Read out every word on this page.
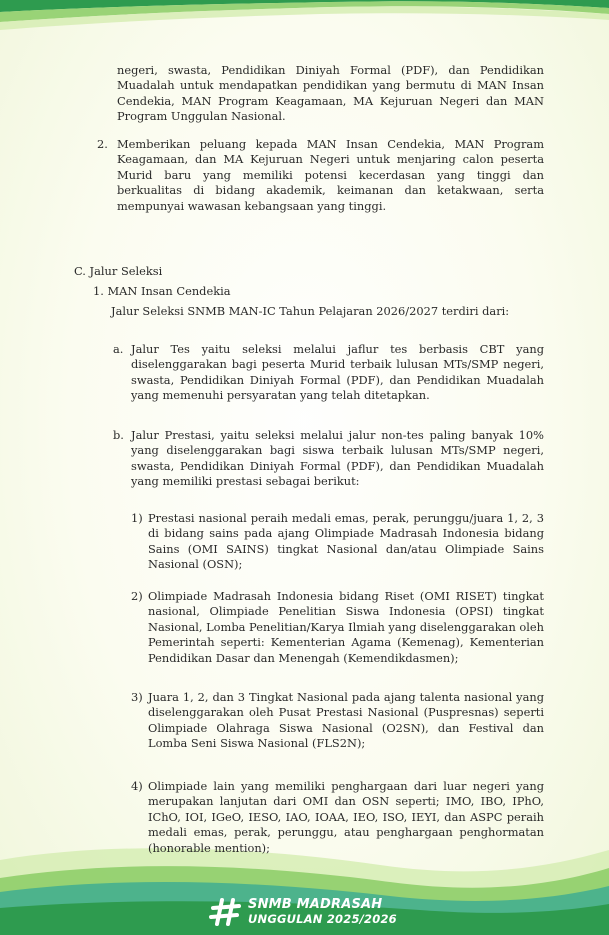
negeri, swasta, Pendidikan Diniyah Formal (PDF), dan Pendidikan Muadalah untuk mendapatkan pendidikan yang bermutu di MAN Insan Cendekia, MAN Program Keagamaan, MA Kejuruan Negeri dan MAN Program Unggulan Nasional.

2. Memberikan peluang kepada MAN Insan Cendekia, MAN Program Keagamaan, dan MA Kejuruan Negeri untuk menjaring calon peserta Murid baru yang memiliki potensi kecerdasan yang tinggi dan berkualitas di bidang akademik, keimanan dan ketakwaan, serta mempunyai wawasan kebangsaan yang tinggi.

C. Jalur Seleksi

1. MAN Insan Cendekia

Jalur Seleksi SNMB MAN-IC Tahun Pelajaran 2026/2027 terdiri dari:

a. Jalur Tes yaitu seleksi melalui jaflur tes berbasis CBT yang diselenggarakan bagi peserta Murid terbaik lulusan MTs/SMP negeri, swasta, Pendidikan Diniyah Formal (PDF), dan Pendidikan Muadalah yang memenuhi persyaratan yang telah ditetapkan.

b. Jalur Prestasi, yaitu seleksi melalui jalur non-tes paling banyak 10% yang diselenggarakan bagi siswa terbaik lulusan MTs/SMP negeri, swasta, Pendidikan Diniyah Formal (PDF), dan Pendidikan Muadalah yang memiliki prestasi sebagai berikut:

1) Prestasi nasional peraih medali emas, perak, perunggu/juara 1, 2, 3 di bidang sains pada ajang Olimpiade Madrasah Indonesia bidang Sains (OMI SAINS) tingkat Nasional dan/atau Olimpiade Sains Nasional (OSN);

2) Olimpiade Madrasah Indonesia bidang Riset (OMI RISET) tingkat nasional, Olimpiade Penelitian Siswa Indonesia (OPSI) tingkat Nasional, Lomba Penelitian/Karya Ilmiah yang diselenggarakan oleh Pemerintah seperti: Kementerian Agama (Kemenag), Kementerian Pendidikan Dasar dan Menengah (Kemendikdasmen);

3) Juara 1, 2, dan 3 Tingkat Nasional pada ajang talenta nasional yang diselenggarakan oleh Pusat Prestasi Nasional (Puspresnas) seperti Olimpiade Olahraga Siswa Nasional (O2SN), dan Festival dan Lomba Seni Siswa Nasional (FLS2N);

4) Olimpiade lain yang memiliki penghargaan dari luar negeri yang merupakan lanjutan dari OMI dan OSN seperti; IMO, IBO, IPhO, IChO, IOI, IGeO, IESO, IAO, IOAA, IEO, ISO, IEYI, dan ASPC peraih medali emas, perak, perunggu, atau penghargaan penghormatan (honorable mention);

SNMB MADRASAH
UNGGULAN 2025/2026
